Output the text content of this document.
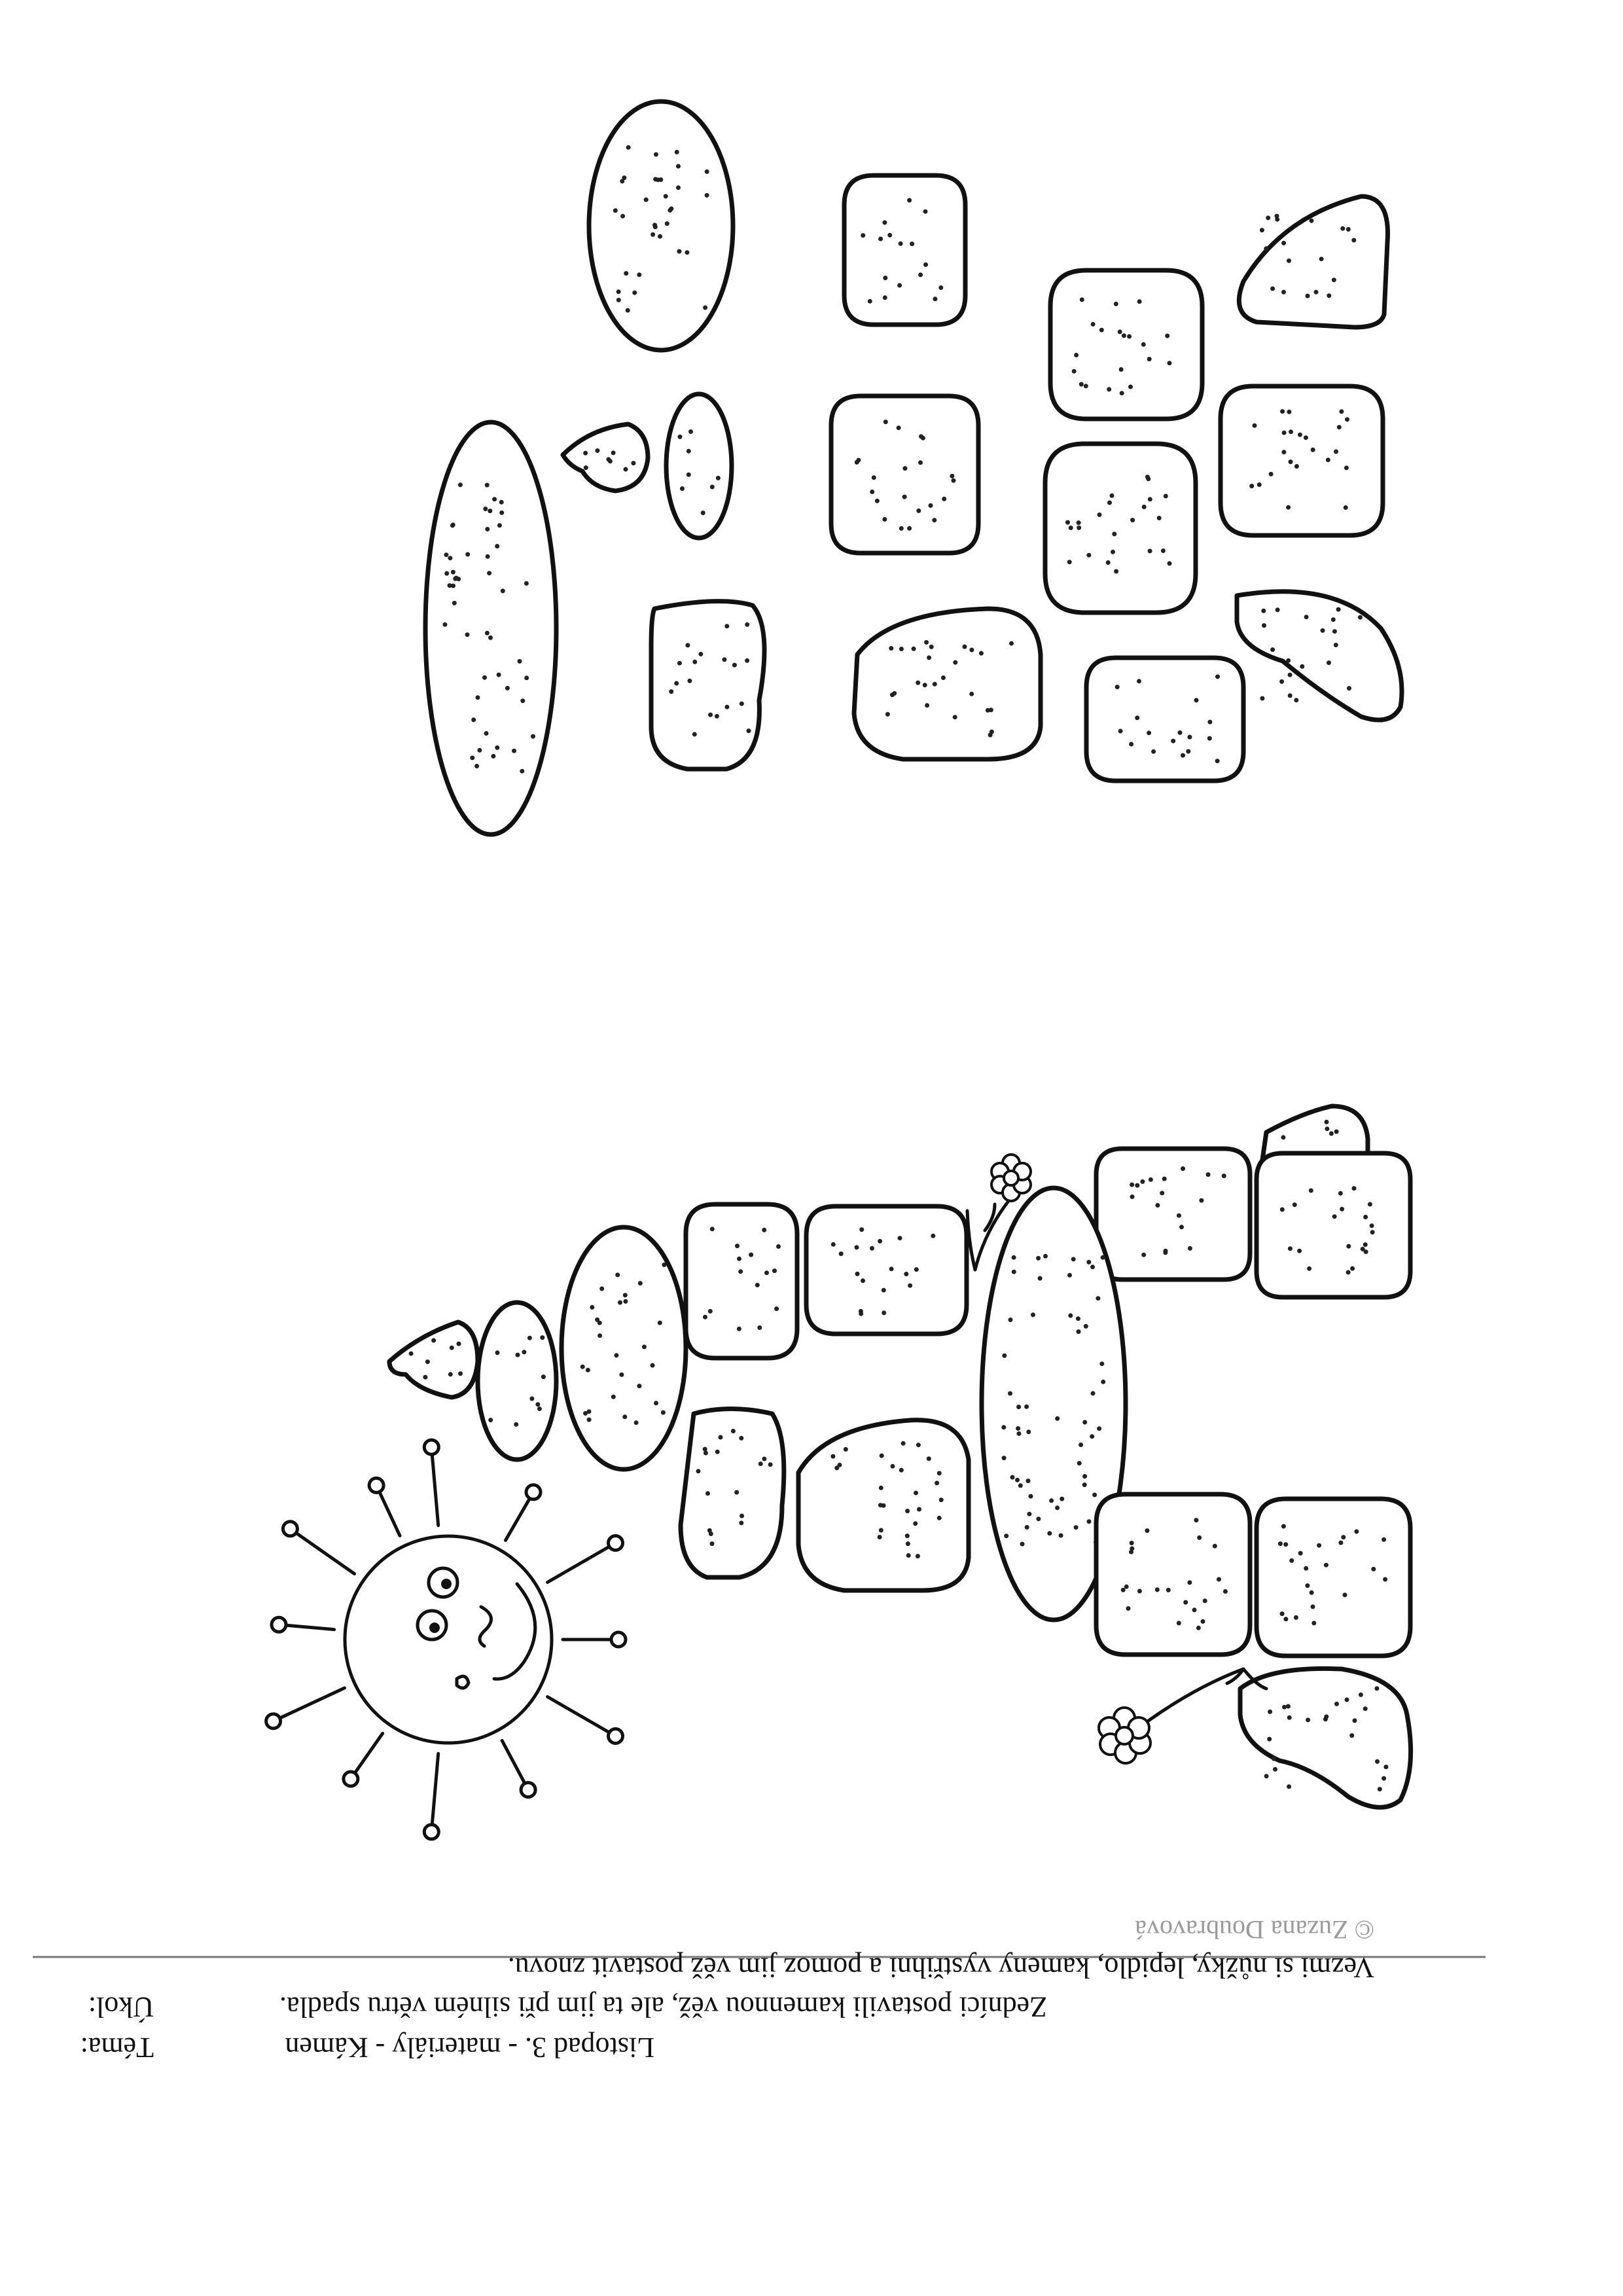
Téma:	Listopad 3. - materiály - Kámen
Úkol:	Zedníci postavili kamennou věž, ale ta jim při silném větru spadla.
Vezmi si nůžky, lepidlo, kameny vystřihni a pomoz jim věž postavit znovu.
© Zuzana Doubravová
